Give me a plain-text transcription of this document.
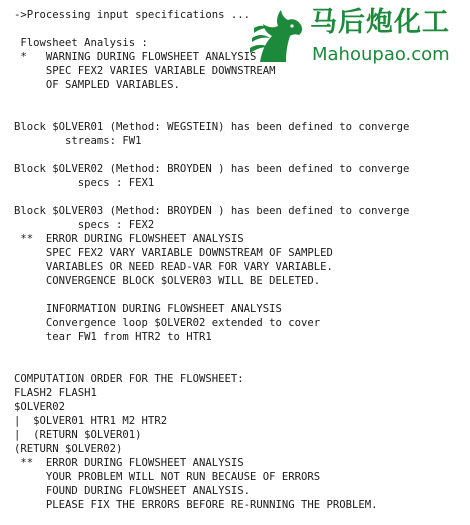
->Processing input specifications ...
Flowsheet Analysis :
*   WARNING DURING FLOWSHEET ANALYSIS
SPEC FEX2 VARIES VARIABLE DOWNSTREAM
OF SAMPLED VARIABLES.
Block $OLVER01 (Method: WEGSTEIN) has been defined to converge
streams: FW1
Block $OLVER02 (Method: BROYDEN ) has been defined to converge
specs : FEX1
Block $OLVER03 (Method: BROYDEN ) has been defined to converge
specs : FEX2
**  ERROR DURING FLOWSHEET ANALYSIS
SPEC FEX2 VARY VARIABLE DOWNSTREAM OF SAMPLED
VARIABLES OR NEED READ-VAR FOR VARY VARIABLE.
CONVERGENCE BLOCK $OLVER03 WILL BE DELETED.
INFORMATION DURING FLOWSHEET ANALYSIS
Convergence loop $OLVER02 extended to cover
tear FW1 from HTR2 to HTR1
COMPUTATION ORDER FOR THE FLOWSHEET:
FLASH2 FLASH1
$OLVER02
|  $OLVER01 HTR1 M2 HTR2
|  (RETURN $OLVER01)
(RETURN $OLVER02)
**  ERROR DURING FLOWSHEET ANALYSIS
YOUR PROBLEM WILL NOT RUN BECAUSE OF ERRORS
FOUND DURING FLOWSHEET ANALYSIS.
PLEASE FIX THE ERRORS BEFORE RE-RUNNING THE PROBLEM.
马后炮化工
Mahoupao.com
